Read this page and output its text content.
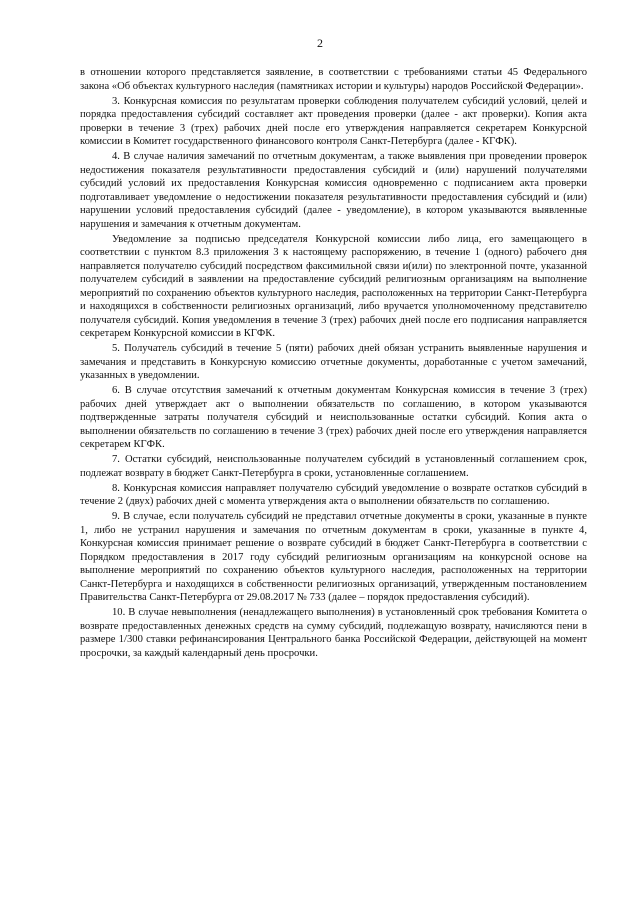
2

в отношении которого представляется заявление, в соответствии с требованиями статьи 45 Федерального закона «Об объектах культурного наследия (памятниках истории и культуры) народов Российской Федерации».

3. Конкурсная комиссия по результатам проверки соблюдения получателем субсидий условий, целей и порядка предоставления субсидий составляет акт проведения проверки (далее - акт проверки). Копия акта проверки в течение 3 (трех) рабочих дней после его утверждения направляется секретарем Конкурсной комиссии в Комитет государственного финансового контроля Санкт-Петербурга (далее - КГФК).

4. В случае наличия замечаний по отчетным документам, а также выявления при проведении проверок недостижения показателя результативности предоставления субсидий и (или) нарушений получателями субсидий условий их предоставления Конкурсная комиссия одновременно с подписанием акта проверки подготавливает уведомление о недостижении показателя результативности предоставления субсидий и (или) нарушении условий предоставления субсидий (далее - уведомление), в котором указываются выявленные нарушения и замечания к отчетным документам.

Уведомление за подписью председателя Конкурсной комиссии либо лица, его замещающего в соответствии с пунктом 8.3 приложения 3 к настоящему распоряжению, в течение 1 (одного) рабочего дня направляется получателю субсидий посредством факсимильной связи и(или) по электронной почте, указанной получателем субсидий в заявлении на предоставление субсидий религиозным организациям на выполнение мероприятий по сохранению объектов культурного наследия, расположенных на территории Санкт-Петербурга и находящихся в собственности религиозных организаций, либо вручается уполномоченному представителю получателя субсидий. Копия уведомления в течение 3 (трех) рабочих дней после его подписания направляется секретарем Конкурсной комиссии в КГФК.

5. Получатель субсидий в течение 5 (пяти) рабочих дней обязан устранить выявленные нарушения и замечания и представить в Конкурсную комиссию отчетные документы, доработанные с учетом замечаний, указанных в уведомлении.

6. В случае отсутствия замечаний к отчетным документам Конкурсная комиссия в течение 3 (трех) рабочих дней утверждает акт о выполнении обязательств по соглашению, в котором указываются подтвержденные затраты получателя субсидий и неиспользованные остатки субсидий. Копия акта о выполнении обязательств по соглашению в течение 3 (трех) рабочих дней после его утверждения направляется секретарем КГФК.

7. Остатки субсидий, неиспользованные получателем субсидий в установленный соглашением срок, подлежат возврату в бюджет Санкт-Петербурга в сроки, установленные соглашением.

8. Конкурсная комиссия направляет получателю субсидий уведомление о возврате остатков субсидий в течение 2 (двух) рабочих дней с момента утверждения акта о выполнении обязательств по соглашению.

9. В случае, если получатель субсидий не представил отчетные документы в сроки, указанные в пункте 1, либо не устранил нарушения и замечания по отчетным документам в сроки, указанные в пункте 4, Конкурсная комиссия принимает решение о возврате субсидий в бюджет Санкт-Петербурга в соответствии с Порядком предоставления в 2017 году субсидий религиозным организациям на конкурсной основе на выполнение мероприятий по сохранению объектов культурного наследия, расположенных на территории Санкт-Петербурга и находящихся в собственности религиозных организаций, утвержденным постановлением Правительства Санкт-Петербурга от 29.08.2017 № 733 (далее – порядок предоставления субсидий).

10. В случае невыполнения (ненадлежащего выполнения) в установленный срок требования Комитета о возврате предоставленных денежных средств на сумму субсидий, подлежащую возврату, начисляются пени в размере 1/300 ставки рефинансирования Центрального банка Российской Федерации, действующей на момент просрочки, за каждый календарный день просрочки.
